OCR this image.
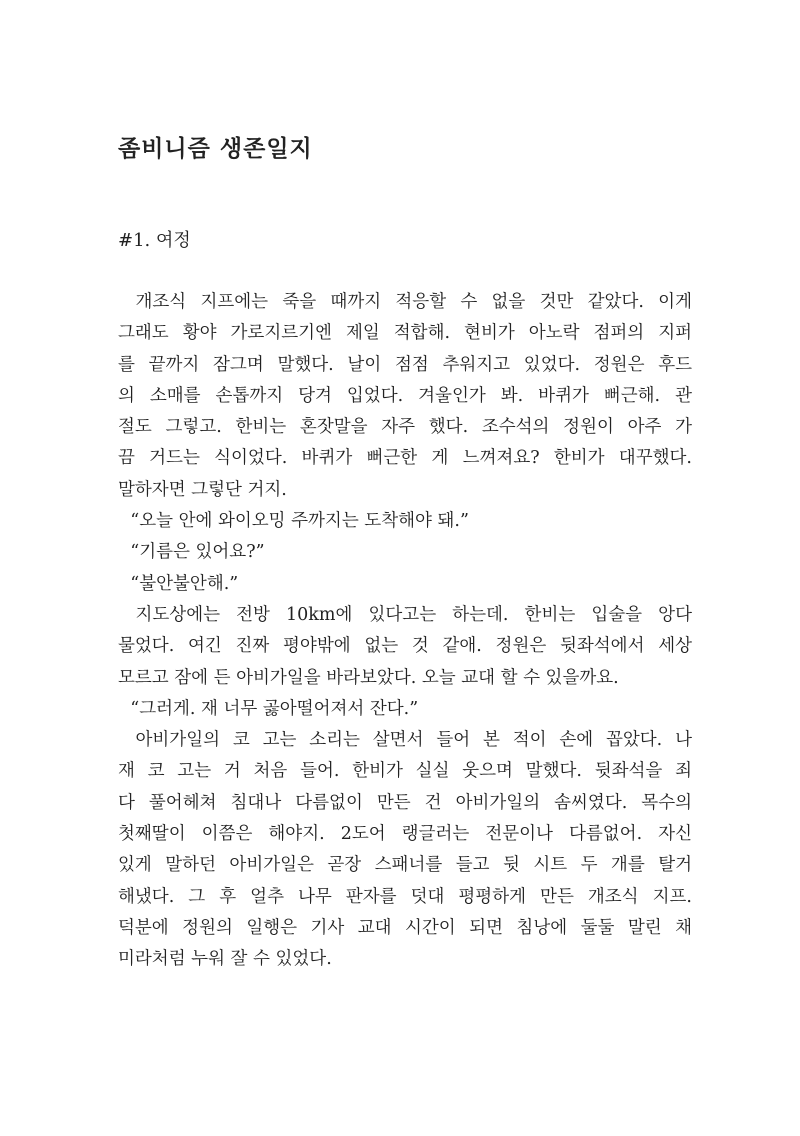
좀비니즘 생존일지
#1. 여정
개조식 지프에는 죽을 때까지 적응할 수 없을 것만 같았다. 이게
그래도 황야 가로지르기엔 제일 적합해. 현비가 아노락 점퍼의 지퍼
를 끝까지 잠그며 말했다. 날이 점점 추워지고 있었다. 정원은 후드
의 소매를 손톱까지 당겨 입었다. 겨울인가 봐. 바퀴가 뻐근해. 관
절도 그렇고. 한비는 혼잣말을 자주 했다. 조수석의 정원이 아주 가
끔 거드는 식이었다. 바퀴가 뻐근한 게 느껴져요? 한비가 대꾸했다.
말하자면 그렇단 거지.
“오늘 안에 와이오밍 주까지는 도착해야 돼.”
“기름은 있어요?”
“불안불안해.”
지도상에는 전방 10km에 있다고는 하는데. 한비는 입술을 앙다
물었다. 여긴 진짜 평야밖에 없는 것 같애. 정원은 뒷좌석에서 세상
모르고 잠에 든 아비가일을 바라보았다. 오늘 교대 할 수 있을까요.
“그러게. 재 너무 곯아떨어져서 잔다.”
아비가일의 코 고는 소리는 살면서 들어 본 적이 손에 꼽았다. 나
재 코 고는 거 처음 들어. 한비가 실실 웃으며 말했다. 뒷좌석을 죄
다 풀어헤쳐 침대나 다름없이 만든 건 아비가일의 솜씨였다. 목수의
첫째딸이 이쯤은 해야지. 2도어 랭글러는 전문이나 다름없어. 자신
있게 말하던 아비가일은 곧장 스패너를 들고 뒷 시트 두 개를 탈거
해냈다. 그 후 얼추 나무 판자를 덧대 평평하게 만든 개조식 지프.
덕분에 정원의 일행은 기사 교대 시간이 되면 침낭에 둘둘 말린 채
미라처럼 누워 잘 수 있었다.
